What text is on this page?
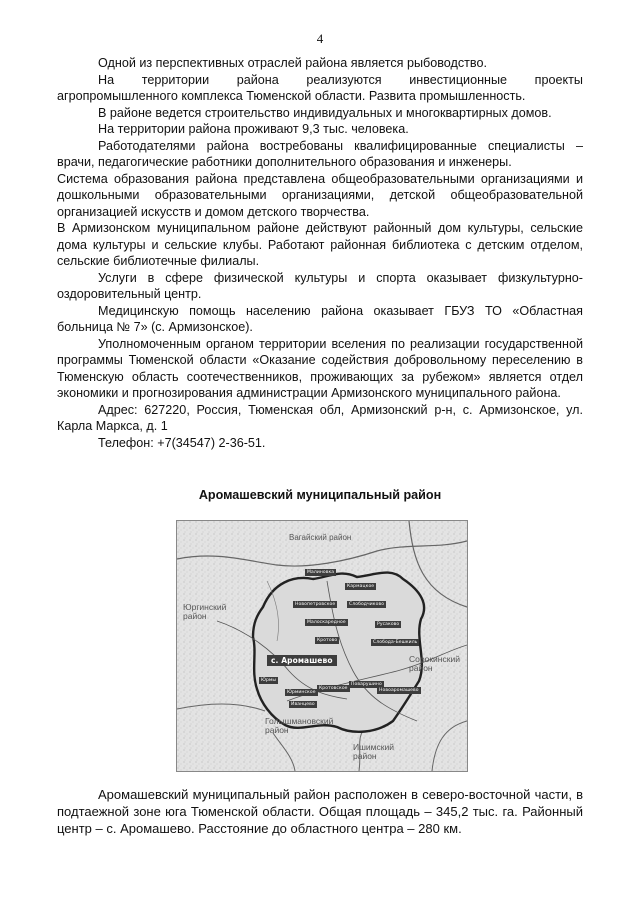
4

Одной из перспективных отраслей района является рыбоводство.

На территории района реализуются инвестиционные проекты агропромышленного комплекса Тюменской области. Развита промышленность.

В районе ведется строительство индивидуальных и многоквартирных домов.

На территории района проживают 9,3 тыс. человека.

Работодателями района востребованы квалифицированные специалисты – врачи, педагогические работники дополнительного образования и инженеры.

Система образования района представлена общеобразовательными организациями и дошкольными образовательными организациями, детской общеобразовательной организацией искусств и домом детского творчества.

В Армизонском муниципальном районе действуют районный дом культуры, сельские дома культуры и сельские клубы. Работают районная библиотека с детским отделом, сельские библиотечные филиалы.

Услуги в сфере физической культуры и спорта оказывает физкультурно-оздоровительный центр.

Медицинскую помощь населению района оказывает ГБУЗ ТО «Областная больница № 7» (с. Армизонское).

Уполномоченным органом территории вселения по реализации государственной программы Тюменской области «Оказание содействия добровольному переселению в Тюменскую область соотечественников, проживающих за рубежом» является отдел экономики и прогнозирования администрации Армизонского муниципального района.

Адрес: 627220, Россия, Тюменская обл, Армизонский р-н, с. Армизонское, ул. Карла Маркса, д. 1

Телефон: +7(34547) 2-36-51.

Аромашевский муниципальный район
Вагайский район
Юргинский район
Сорокинский район
Голышмановский район
Ишимский район
Малиновка
Кармацкое
Новопетровское	Слободчиково
Малоскаредное	Русаково
Кротово	Слобода-Бешкиль
с. Аромашево
Юрмы
Кротовское
Поварушино
Юрминское	Новоаромашево
Иванцево

Аромашевский муниципальный район расположен в северо-восточной части, в подтаежной зоне юга Тюменской области. Общая площадь – 345,2 тыс. га. Районный центр – с. Аромашево. Расстояние до областного центра – 280 км.
